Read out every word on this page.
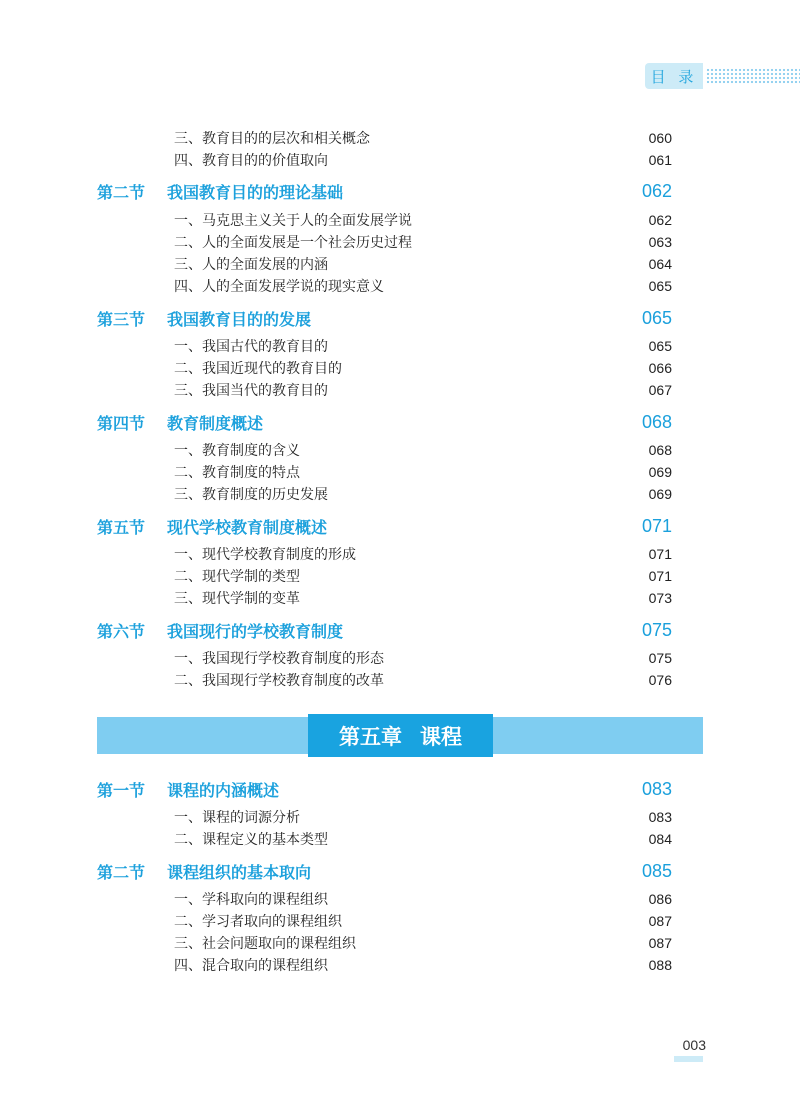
目 录
三、教育目的的层次和相关概念	060
四、教育目的的价值取向	061
第二节	我国教育目的的理论基础	062
一、马克思主义关于人的全面发展学说	062
二、人的全面发展是一个社会历史过程	063
三、人的全面发展的内涵	064
四、人的全面发展学说的现实意义	065
第三节	我国教育目的的发展	065
一、我国古代的教育目的	065
二、我国近现代的教育目的	066
三、我国当代的教育目的	067
第四节	教育制度概述	068
一、教育制度的含义	068
二、教育制度的特点	069
三、教育制度的历史发展	069
第五节	现代学校教育制度概述	071
一、现代学校教育制度的形成	071
二、现代学制的类型	071
三、现代学制的变革	073
第六节	我国现行的学校教育制度	075
一、我国现行学校教育制度的形态	075
二、我国现行学校教育制度的改革	076
第五章 课程
第一节	课程的内涵概述	083
一、课程的词源分析	083
二、课程定义的基本类型	084
第二节	课程组织的基本取向	085
一、学科取向的课程组织	086
二、学习者取向的课程组织	087
三、社会问题取向的课程组织	087
四、混合取向的课程组织	088
003
